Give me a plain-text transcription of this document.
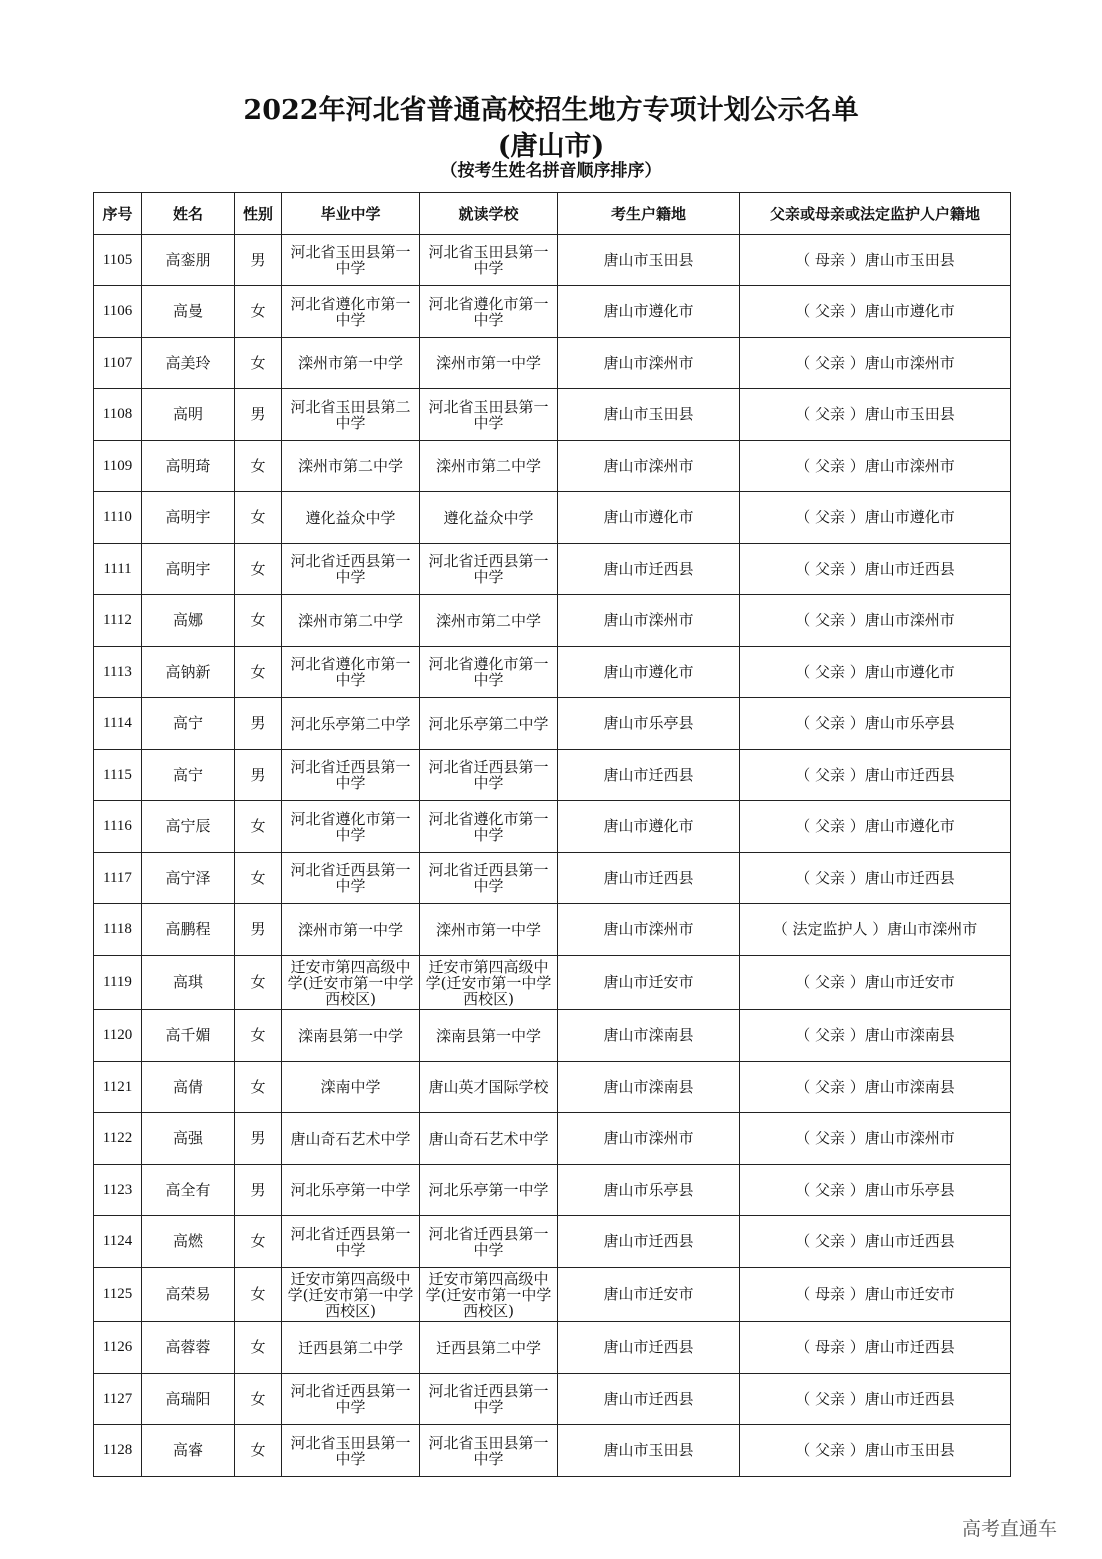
2022年河北省普通高校招生地方专项计划公示名单
(唐山市)
（按考生姓名拼音顺序排序）
序号	姓名	性别	毕业中学	就读学校	考生户籍地	父亲或母亲或法定监护人户籍地
1105	高銮朋	男	河北省玉田县第一中学	河北省玉田县第一中学	唐山市玉田县	（ 母亲 ）唐山市玉田县
1106	高曼	女	河北省遵化市第一中学	河北省遵化市第一中学	唐山市遵化市	（ 父亲 ）唐山市遵化市
1107	高美玲	女	滦州市第一中学	滦州市第一中学	唐山市滦州市	（ 父亲 ）唐山市滦州市
1108	高明	男	河北省玉田县第二中学	河北省玉田县第一中学	唐山市玉田县	（ 父亲 ）唐山市玉田县
1109	高明琦	女	滦州市第二中学	滦州市第二中学	唐山市滦州市	（ 父亲 ）唐山市滦州市
1110	高明宇	女	遵化益众中学	遵化益众中学	唐山市遵化市	（ 父亲 ）唐山市遵化市
1111	高明宇	女	河北省迁西县第一中学	河北省迁西县第一中学	唐山市迁西县	（ 父亲 ）唐山市迁西县
1112	高娜	女	滦州市第二中学	滦州市第二中学	唐山市滦州市	（ 父亲 ）唐山市滦州市
1113	高钠新	女	河北省遵化市第一中学	河北省遵化市第一中学	唐山市遵化市	（ 父亲 ）唐山市遵化市
1114	高宁	男	河北乐亭第二中学	河北乐亭第二中学	唐山市乐亭县	（ 父亲 ）唐山市乐亭县
1115	高宁	男	河北省迁西县第一中学	河北省迁西县第一中学	唐山市迁西县	（ 父亲 ）唐山市迁西县
1116	高宁辰	女	河北省遵化市第一中学	河北省遵化市第一中学	唐山市遵化市	（ 父亲 ）唐山市遵化市
1117	高宁泽	女	河北省迁西县第一中学	河北省迁西县第一中学	唐山市迁西县	（ 父亲 ）唐山市迁西县
1118	高鹏程	男	滦州市第一中学	滦州市第一中学	唐山市滦州市	（ 法定监护人 ）唐山市滦州市
1119	高琪	女	迁安市第四高级中学(迁安市第一中学西校区)	迁安市第四高级中学(迁安市第一中学西校区)	唐山市迁安市	（ 父亲 ）唐山市迁安市
1120	高千媚	女	滦南县第一中学	滦南县第一中学	唐山市滦南县	（ 父亲 ）唐山市滦南县
1121	高倩	女	滦南中学	唐山英才国际学校	唐山市滦南县	（ 父亲 ）唐山市滦南县
1122	高强	男	唐山奇石艺术中学	唐山奇石艺术中学	唐山市滦州市	（ 父亲 ）唐山市滦州市
1123	高全有	男	河北乐亭第一中学	河北乐亭第一中学	唐山市乐亭县	（ 父亲 ）唐山市乐亭县
1124	高燃	女	河北省迁西县第一中学	河北省迁西县第一中学	唐山市迁西县	（ 父亲 ）唐山市迁西县
1125	高荣易	女	迁安市第四高级中学(迁安市第一中学西校区)	迁安市第四高级中学(迁安市第一中学西校区)	唐山市迁安市	（ 母亲 ）唐山市迁安市
1126	高蓉蓉	女	迁西县第二中学	迁西县第二中学	唐山市迁西县	（ 母亲 ）唐山市迁西县
1127	高瑞阳	女	河北省迁西县第一中学	河北省迁西县第一中学	唐山市迁西县	（ 父亲 ）唐山市迁西县
1128	高睿	女	河北省玉田县第一中学	河北省玉田县第一中学	唐山市玉田县	（ 父亲 ）唐山市玉田县
高考直通车
